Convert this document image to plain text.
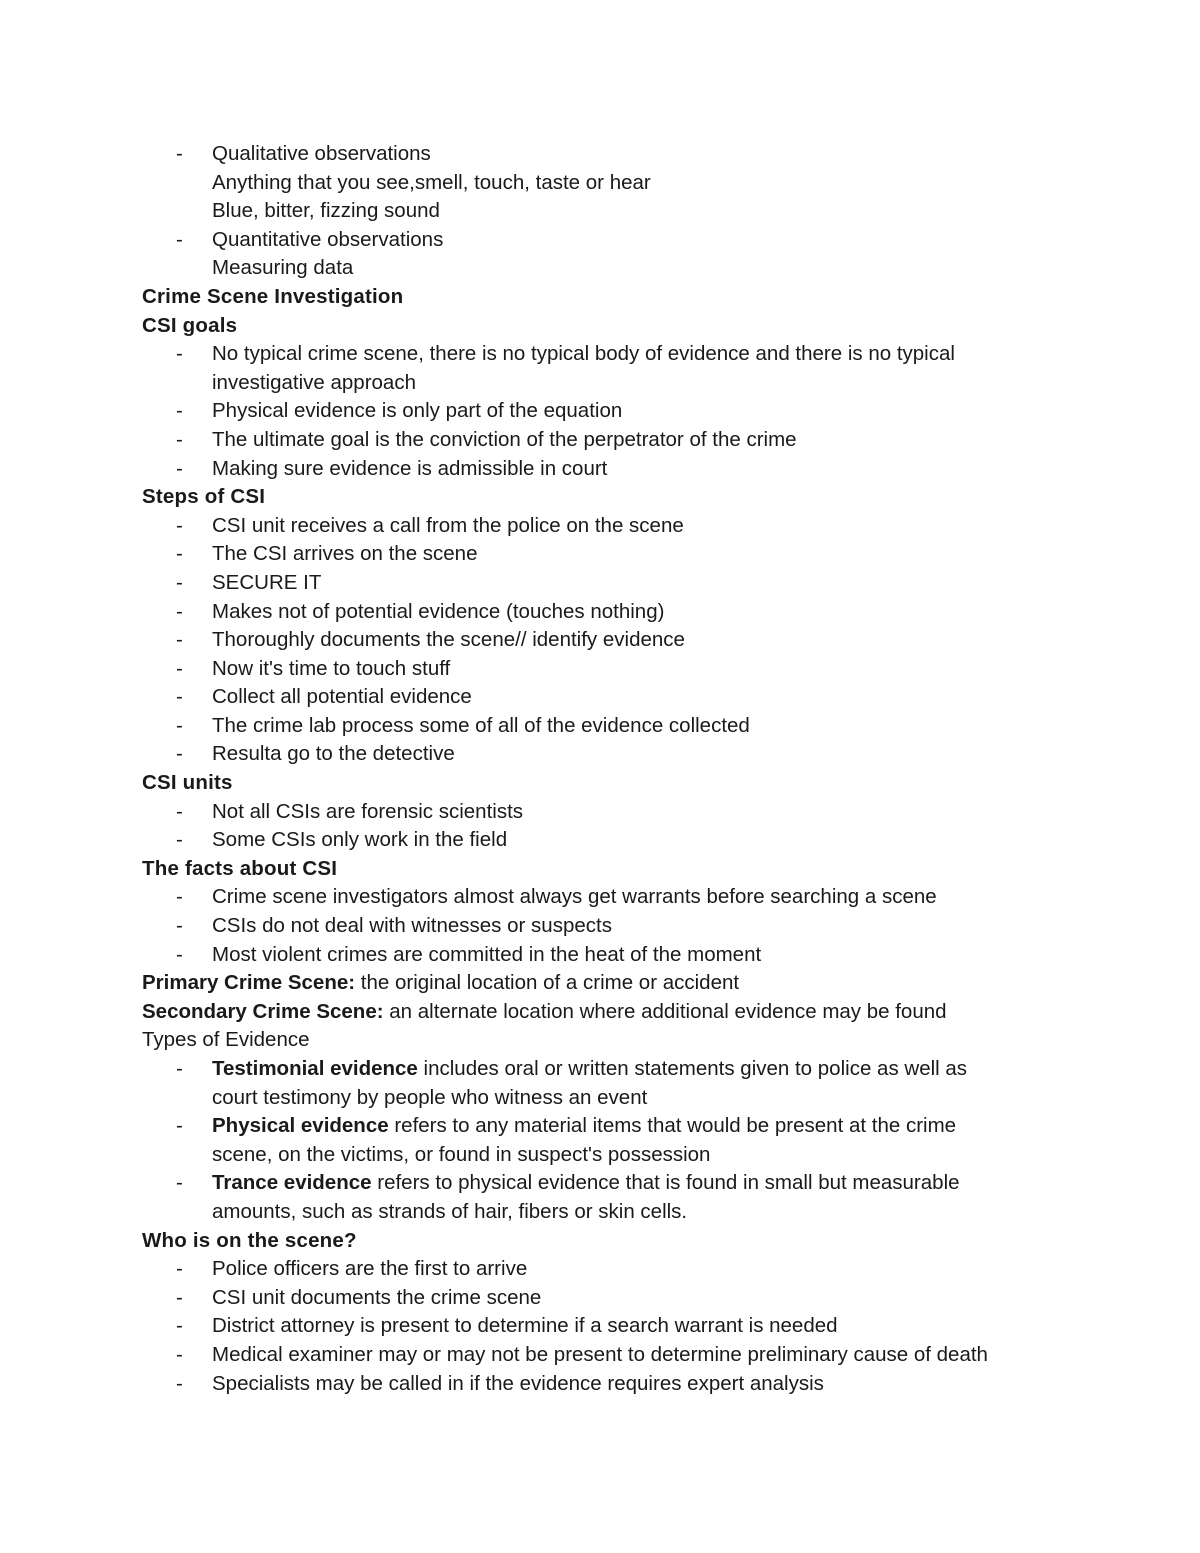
- Qualitative observations
Anything that you see,smell, touch, taste or hear
Blue, bitter, fizzing sound
- Quantitative observations
Measuring data
Crime Scene Investigation
CSI goals
- No typical crime scene, there is no typical body of evidence and there is no typical
investigative approach
- Physical evidence is only part of the equation
- The ultimate goal is the conviction of the perpetrator of the crime
- Making sure evidence is admissible in court
Steps of CSI
- CSI unit receives a call from the police on the scene
- The CSI arrives on the scene
- SECURE IT
- Makes not of potential evidence (touches nothing)
- Thoroughly documents the scene// identify evidence
- Now it's time to touch stuff
- Collect all potential evidence
- The crime lab process some of all of the evidence collected
- Resulta go to the detective
CSI units
- Not all CSIs are forensic scientists
- Some CSIs only work in the field
The facts about CSI
- Crime scene investigators almost always get warrants before searching a scene
- CSIs do not deal with witnesses or suspects
- Most violent crimes are committed in the heat of the moment
Primary Crime Scene: the original location of a crime or accident
Secondary Crime Scene: an alternate location where additional evidence may be found
Types of Evidence
- Testimonial evidence includes oral or written statements given to police as well as
court testimony by people who witness an event
- Physical evidence refers to any material items that would be present at the crime
scene, on the victims, or found in suspect's possession
- Trance evidence refers to physical evidence that is found in small but measurable
amounts, such as strands of hair, fibers or skin cells.
Who is on the scene?
- Police officers are the first to arrive
- CSI unit documents the crime scene
- District attorney is present to determine if a search warrant is needed
- Medical examiner may or may not be present to determine preliminary cause of death
- Specialists may be called in if the evidence requires expert analysis
